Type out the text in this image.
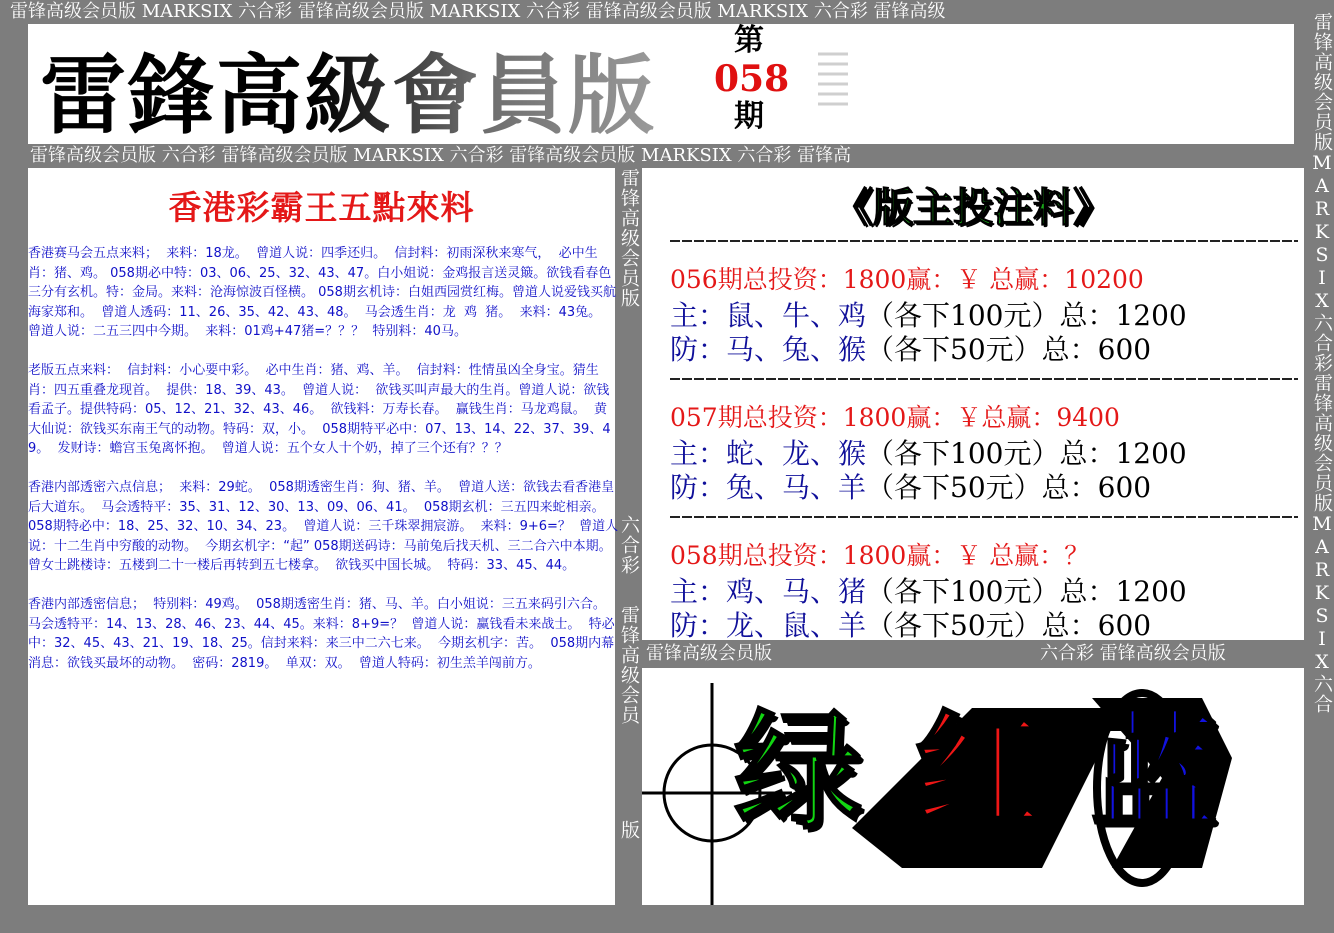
雷锋高级会员版 MARKSIX 六合彩 雷锋高级会员版 MARKSIX 六合彩 雷锋高级会员版 MARKSIX 六合彩 雷锋高级
雷鋒高級會員版
第
058
期
雷锋高级会员版 六合彩 雷锋高级会员版 MARKSIX 六合彩 雷锋高级会员版 MARKSIX 六合彩 雷锋高	雷锋高级会员版MARKSIX六合彩雷锋高级会员版MARKSIX六合
雷锋高级会员版
六合彩
雷锋高级会员
版
香港彩霸王五點來料

香港赛马会五点来料；  来料：18龙。  曾道人说：四季还归。  信封料：初雨深秋来寒气，  必中生肖：猪、鸡。 058期必中特：03、06、25、32、43、47。白小姐说：金鸡报言送灵簸。欲钱看春色三分有玄机。特：金局。来料：沧海惊波百怪横。 058期玄机诗：白姐西园赏红梅。曾道人说爱钱买航海家郑和。  曾道人透码：11、26、35、42、43、48。  马会透生肖：龙  鸡  猪。  来料：43兔。  曾道人说：二五三四中今期。  来料：01鸡+47猪=？？？  特别料：40马。

老版五点来料：  信封料：小心要中彩。  必中生肖：猪、鸡、羊。  信封料：性情虽凶全身宝。猜生肖：四五重叠龙现首。  提供：18、39、43。  曾道人说：  欲钱买叫声最大的生肖。曾道人说：欲钱看孟子。提供特码：05、12、21、32、43、46。  欲钱料：万寿长春。  赢钱生肖：马龙鸡鼠。  黄大仙说：欲钱买东南王气的动物。特码：双，小。  058期特平必中：07、13、14、22、37、39、49。  发财诗：蟾宫玉兔离怀抱。  曾道人说：五个女人十个奶，掉了三个还有？？？

香港内部透密六点信息；  来料：29蛇。  058期透密生肖：狗、猪、羊。  曾道人送：欲钱去看香港皇后大道东。  马会透特平：35、31、12、30、13、09、06、41。  058期玄机：三五四来蛇相亲。  058期特必中：18、25、32、10、34、23。  曾道人说：三千珠翠拥宸游。  来料：9+6=？  曾道人说：十二生肖中穷酸的动物。  今期玄机字：“起” 058期送码诗：马前兔后找天机、三二合六中本期。  曾女士跳楼诗：五楼到二十一楼后再转到五七楼拿。  欲钱买中国长城。  特码：33、45、44。

香港内部透密信息；  特别料：49鸡。  058期透密生肖：猪、马、羊。白小姐说：三五来码引六合。  马会透特平：14、13、28、46、23、44、45。来料：8+9=？  曾道人说：赢钱看未来战士。  特必中：32、45、43、21、19、18、25。信封来料：来三中二六七来。  今期玄机字：苦。  058期内幕消息：欲钱买最坏的动物。  密码：2819。  单双：双。  曾道人特码：初生羔羊闯前方。

《版主投注料》
056期总投资：1800赢：￥ 总赢：10200
主：鼠、牛、鸡（各下100元）总：1200
防：马、兔、猴（各下50元）总：600
057期总投资：1800赢：￥总赢：9400
主：蛇、龙、猴（各下100元）总：1200
防：兔、马、羊（各下50元）总：600
058期总投资：1800赢：￥ 总赢：？
主：鸡、马、猪（各下100元）总：1200
防：龙、鼠、羊（各下50元）总：600
雷锋高级会员版	六合彩 雷锋高级会员版
绿 红 蓝
